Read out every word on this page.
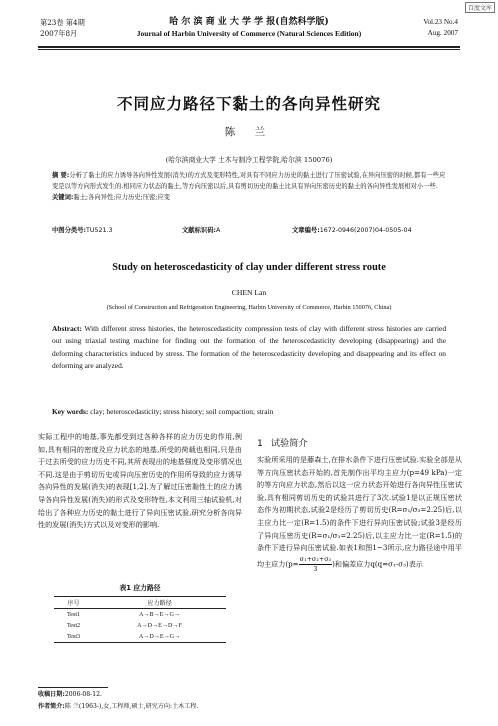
百度文库
第23卷 第4期
2007年8月
哈 尔 滨 商 业 大 学 学 报(自然科学版)
Journal of Harbin University of Commerce (Natural Sciences Edition)
Vol.23 No.4
Aug. 2007
不同应力路径下黏土的各向异性研究
陈 兰
(哈尔滨商业大学 土木与制冷工程学院,哈尔滨 150076)
摘 要:分析了黏土的应力诱导各向异性发展(消失)的方式及变形特性,对具有不同应力历史的黏土进行了压密试验,在异向压密的时候,都有一些应变是以等方向形式发生的.相同应力状态的黏土,等方向压密以后,具有剪切历史的黏土比具有异向压密历史的黏土的各向异性发展相对小一些.
关键词:黏土;各向异性;应力历史;压密;应变
中图分类号:TU521.3	文献标识码:A	文章编号:1672-0946(2007)04-0505-04
Study on heteroscedasticity of clay under different stress route
CHEN Lan
(School of Construction and Refrigeration Engineering, Harbin University of Commerce, Harbin 150076, China)
Abstract: With different stress histories, the heteroscedasticity compression tests of clay with different stress histories are carried out using triaxial testing machine for finding out the formation of the heteroscedasticity developing (disappearing) and the deforming characteristics induced by stress. The formation of the heteroscedasticity developing and disappearing and its effect on deforming are analyzed.
Key words: clay; heteroscedasticity; stress history; soil compaction; strain
实际工程中的地基,事先都受到过各种各样的应力历史的作用,例如,具有相同的密度及应力状态的地基,所受的荷载也相同,只是由于过去所受的应力历史不同,其所表现出的地基强度及变形情况也不同.这是由于剪切历史或异向压密历史的作用所导致的应力诱导各向异性的发展(消失)的表现[1,2].为了解过压密黏性土的应力诱导各向异性发展(消失)的形式及变形特性,本文利用三轴试验机,对给出了各种应力历史的黏土进行了异向压密试验,研究分析各向异性的发展(消失)方式以及对变形的影响.
表1 应力路径
序号	应力路径
Test1	A→B→E→G→
Test2	A→D→E→D→F
Test3	A→D→E→G→
1 试验简介
实验所采用的是藤森土,在排水条件下进行压密试验.实验全部是从等方向压密状态开始的,首先制作出平均主应力(p=49 kPa)一定的等方向应力状态,然后以这一应力状态开始进行各向异性压密试验,具有相同剪切历史的试验共进行了3次.试验1是以正规压密状态作为初期状态,试验2是经历了剪切历史(R=σ₁/σ₃=2.25)后,以主应力比一定(R=1.5)的条件下进行异向压密试验;试验3是经历了异向压密历史(R=σ₁/σ₃=2.25)后,以主应力比一定(R=1.5)的条件下进行异向压密试验.如表1和图1~3所示,应力路径途中用平均主应力($p= \frac{\text{σ₁+σ₂+σ₃}}{3}$ )和偏差应力q(q=σ₁-σ₃)表示
收稿日期:2006-08-12.
作者简介:陈 兰(1963-),女,工程师,硕士,研究方向:土木工程.
